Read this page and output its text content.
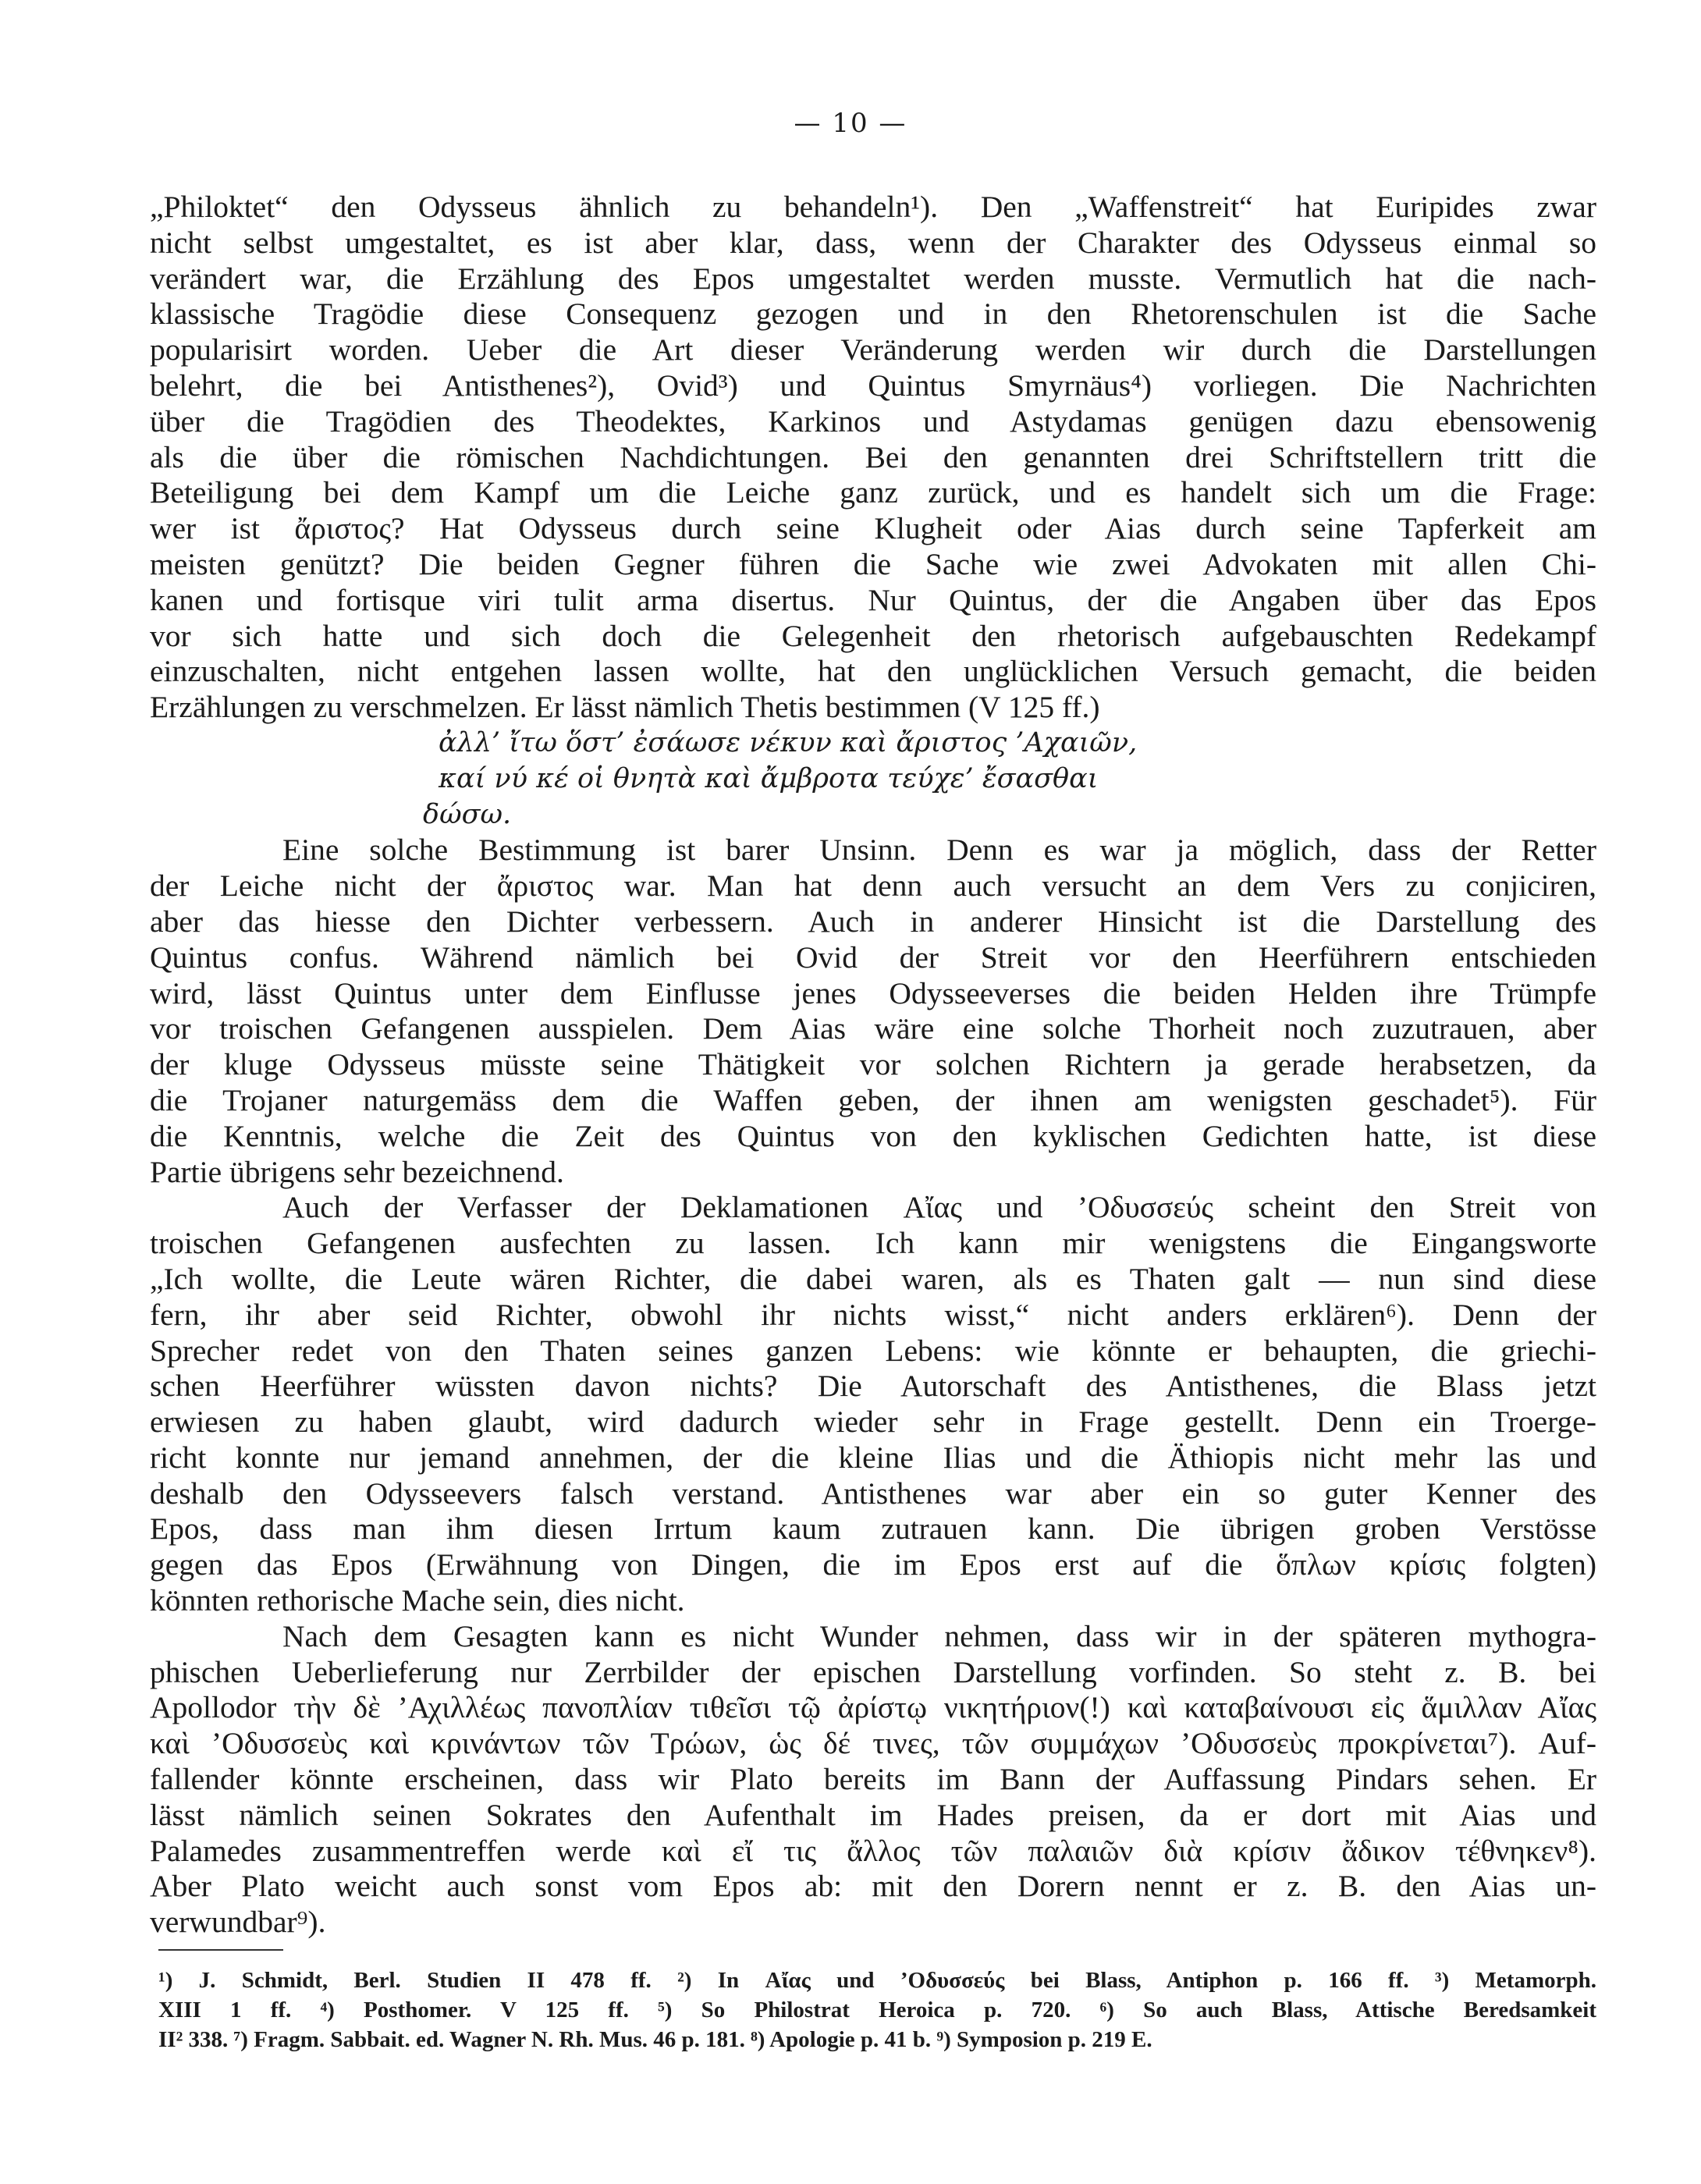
— 10 —
„Philoktet“ den Odysseus ähnlich zu behandeln¹). Den „Waffenstreit“ hat Euripides zwar
nicht selbst umgestaltet, es ist aber klar, dass, wenn der Charakter des Odysseus einmal so
verändert war, die Erzählung des Epos umgestaltet werden musste. Vermutlich hat die nach-
klassische Tragödie diese Consequenz gezogen und in den Rhetorenschulen ist die Sache
popularisirt worden. Ueber die Art dieser Veränderung werden wir durch die Darstellungen
belehrt, die bei Antisthenes²), Ovid³) und Quintus Smyrnäus⁴) vorliegen. Die Nachrichten
über die Tragödien des Theodektes, Karkinos und Astydamas genügen dazu ebensowenig
als die über die römischen Nachdichtungen. Bei den genannten drei Schriftstellern tritt die
Beteiligung bei dem Kampf um die Leiche ganz zurück, und es handelt sich um die Frage:
wer ist ἄριστος? Hat Odysseus durch seine Klugheit oder Aias durch seine Tapferkeit am
meisten genützt? Die beiden Gegner führen die Sache wie zwei Advokaten mit allen Chi-
kanen und fortisque viri tulit arma disertus. Nur Quintus, der die Angaben über das Epos
vor sich hatte und sich doch die Gelegenheit den rhetorisch aufgebauschten Redekampf
einzuschalten, nicht entgehen lassen wollte, hat den unglücklichen Versuch gemacht, die beiden
Erzählungen zu verschmelzen. Er lässt nämlich Thetis bestimmen (V 125 ff.)
ἀλλ’ ἴτω ὅστ’ ἐσάωσε νέκυν καὶ ἄριστος ’Αχαιῶν,
καί νύ κέ οἱ θνητὰ καὶ ἄμβροτα τεύχε’ ἔσασθαι
δώσω.
Eine solche Bestimmung ist barer Unsinn. Denn es war ja möglich, dass der Retter
der Leiche nicht der ἄριστος war. Man hat denn auch versucht an dem Vers zu conjiciren,
aber das hiesse den Dichter verbessern. Auch in anderer Hinsicht ist die Darstellung des
Quintus confus. Während nämlich bei Ovid der Streit vor den Heerführern entschieden
wird, lässt Quintus unter dem Einflusse jenes Odysseeverses die beiden Helden ihre Trümpfe
vor troischen Gefangenen ausspielen. Dem Aias wäre eine solche Thorheit noch zuzutrauen, aber
der kluge Odysseus müsste seine Thätigkeit vor solchen Richtern ja gerade herabsetzen, da
die Trojaner naturgemäss dem die Waffen geben, der ihnen am wenigsten geschadet⁵). Für
die Kenntnis, welche die Zeit des Quintus von den kyklischen Gedichten hatte, ist diese
Partie übrigens sehr bezeichnend.
Auch der Verfasser der Deklamationen Αἴας und ’Οδυσσεύς scheint den Streit von
troischen Gefangenen ausfechten zu lassen. Ich kann mir wenigstens die Eingangsworte
„Ich wollte, die Leute wären Richter, die dabei waren, als es Thaten galt — nun sind diese
fern, ihr aber seid Richter, obwohl ihr nichts wisst,“ nicht anders erklären⁶). Denn der
Sprecher redet von den Thaten seines ganzen Lebens: wie könnte er behaupten, die griechi-
schen Heerführer wüssten davon nichts? Die Autorschaft des Antisthenes, die Blass jetzt
erwiesen zu haben glaubt, wird dadurch wieder sehr in Frage gestellt. Denn ein Troerge-
richt konnte nur jemand annehmen, der die kleine Ilias und die Äthiopis nicht mehr las und
deshalb den Odysseevers falsch verstand. Antisthenes war aber ein so guter Kenner des
Epos, dass man ihm diesen Irrtum kaum zutrauen kann. Die übrigen groben Verstösse
gegen das Epos (Erwähnung von Dingen, die im Epos erst auf die ὅπλων κρίσις folgten)
könnten rethorische Mache sein, dies nicht.
Nach dem Gesagten kann es nicht Wunder nehmen, dass wir in der späteren mythogra-
phischen Ueberlieferung nur Zerrbilder der epischen Darstellung vorfinden. So steht z. B. bei
Apollodor τὴν δὲ ’Αχιλλέως πανοπλίαν τιθεῖσι τῷ ἀρίστῳ νικητήριον(!) καὶ καταβαίνουσι εἰς ἅμιλλαν Αἴας
καὶ ’Οδυσσεὺς καὶ κρινάντων τῶν Τρώων, ὡς δέ τινες, τῶν συμμάχων ’Οδυσσεὺς προκρίνεται⁷). Auf-
fallender könnte erscheinen, dass wir Plato bereits im Bann der Auffassung Pindars sehen. Er
lässt nämlich seinen Sokrates den Aufenthalt im Hades preisen, da er dort mit Aias und
Palamedes zusammentreffen werde καὶ εἴ τις ἄλλος τῶν παλαιῶν διὰ κρίσιν ἄδικον τέθνηκεν⁸).
Aber Plato weicht auch sonst vom Epos ab: mit den Dorern nennt er z. B. den Aias un-
verwundbar⁹).
¹) J. Schmidt, Berl. Studien II 478 ff. ²) In Αἴας und ’Οδυσσεύς bei Blass, Antiphon p. 166 ff. ³) Metamorph.
XIII 1 ff. ⁴) Posthomer. V 125 ff. ⁵) So Philostrat Heroica p. 720. ⁶) So auch Blass, Attische Beredsamkeit
II² 338. ⁷) Fragm. Sabbait. ed. Wagner N. Rh. Mus. 46 p. 181. ⁸) Apologie p. 41 b. ⁹) Symposion p. 219 E.
